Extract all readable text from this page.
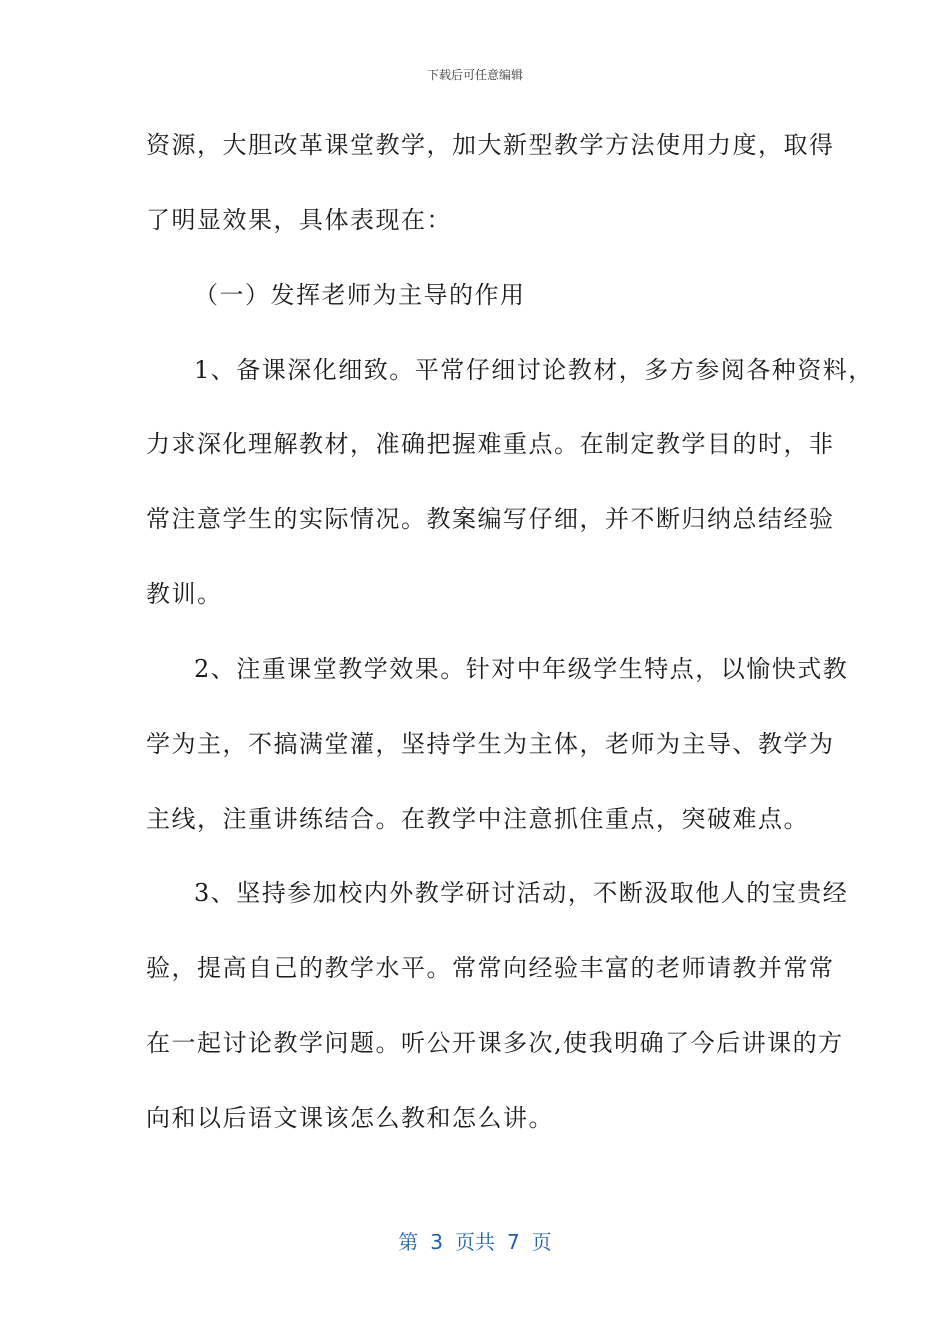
下载后可任意编辑
资源，大胆改革课堂教学，加大新型教学方法使用力度，取得
了明显效果，具体表现在：
（一）发挥老师为主导的作用
1、备课深化细致。平常仔细讨论教材，多方参阅各种资料，
力求深化理解教材，准确把握难重点。在制定教学目的时，非
常注意学生的实际情况。教案编写仔细，并不断归纳总结经验
教训。
2、注重课堂教学效果。针对中年级学生特点，以愉快式教
学为主，不搞满堂灌，坚持学生为主体，老师为主导、教学为
主线，注重讲练结合。在教学中注意抓住重点，突破难点。
3、坚持参加校内外教学研讨活动，不断汲取他人的宝贵经
验，提高自己的教学水平。常常向经验丰富的老师请教并常常
在一起讨论教学问题。听公开课多次,使我明确了今后讲课的方
向和以后语文课该怎么教和怎么讲。
第 3 页共 7 页
